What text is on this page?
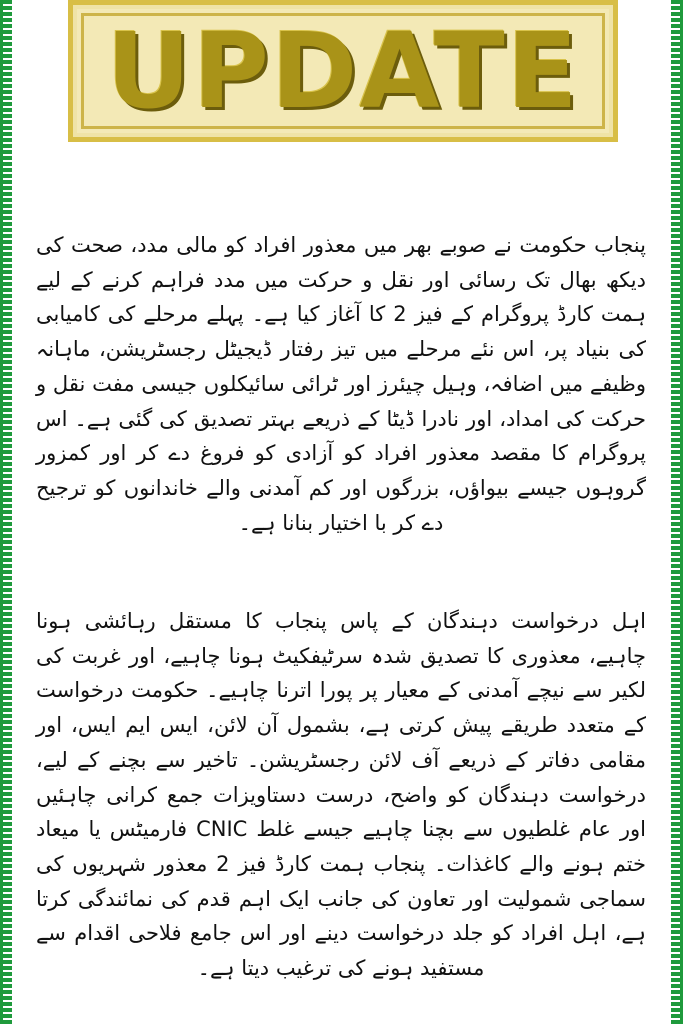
UPDATE

پنجاب حکومت نے صوبے بھر میں معذور افراد کو مالی مدد، صحت کی دیکھ بھال تک رسائی اور نقل و حرکت میں مدد فراہم کرنے کے لیے ہمت کارڈ پروگرام کے فیز 2 کا آغاز کیا ہے۔ پہلے مرحلے کی کامیابی کی بنیاد پر، اس نئے مرحلے میں تیز رفتار ڈیجیٹل رجسٹریشن، ماہانہ وظیفے میں اضافہ، وہیل چیئرز اور ٹرائی سائیکلوں جیسی مفت نقل و حرکت کی امداد، اور نادرا ڈیٹا کے ذریعے بہتر تصدیق کی گئی ہے۔ اس پروگرام کا مقصد معذور افراد کو آزادی کو فروغ دے کر اور کمزور گروہوں جیسے بیواؤں، بزرگوں اور کم آمدنی والے خاندانوں کو ترجیح دے کر با اختیار بنانا ہے۔

اہل درخواست دہندگان کے پاس پنجاب کا مستقل رہائشی ہونا چاہیے، معذوری کا تصدیق شدہ سرٹیفکیٹ ہونا چاہیے، اور غربت کی لکیر سے نیچے آمدنی کے معیار پر پورا اترنا چاہیے۔ حکومت درخواست کے متعدد طریقے پیش کرتی ہے، بشمول آن لائن، ایس ایم ایس، اور مقامی دفاتر کے ذریعے آف لائن رجسٹریشن۔ تاخیر سے بچنے کے لیے، درخواست دہندگان کو واضح، درست دستاویزات جمع کرانی چاہئیں اور عام غلطیوں سے بچنا چاہیے جیسے غلط CNIC فارمیٹس یا میعاد ختم ہونے والے کاغذات۔ پنجاب ہمت کارڈ فیز 2 معذور شہریوں کی سماجی شمولیت اور تعاون کی جانب ایک اہم قدم کی نمائندگی کرتا ہے، اہل افراد کو جلد درخواست دینے اور اس جامع فلاحی اقدام سے مستفید ہونے کی ترغیب دیتا ہے۔
